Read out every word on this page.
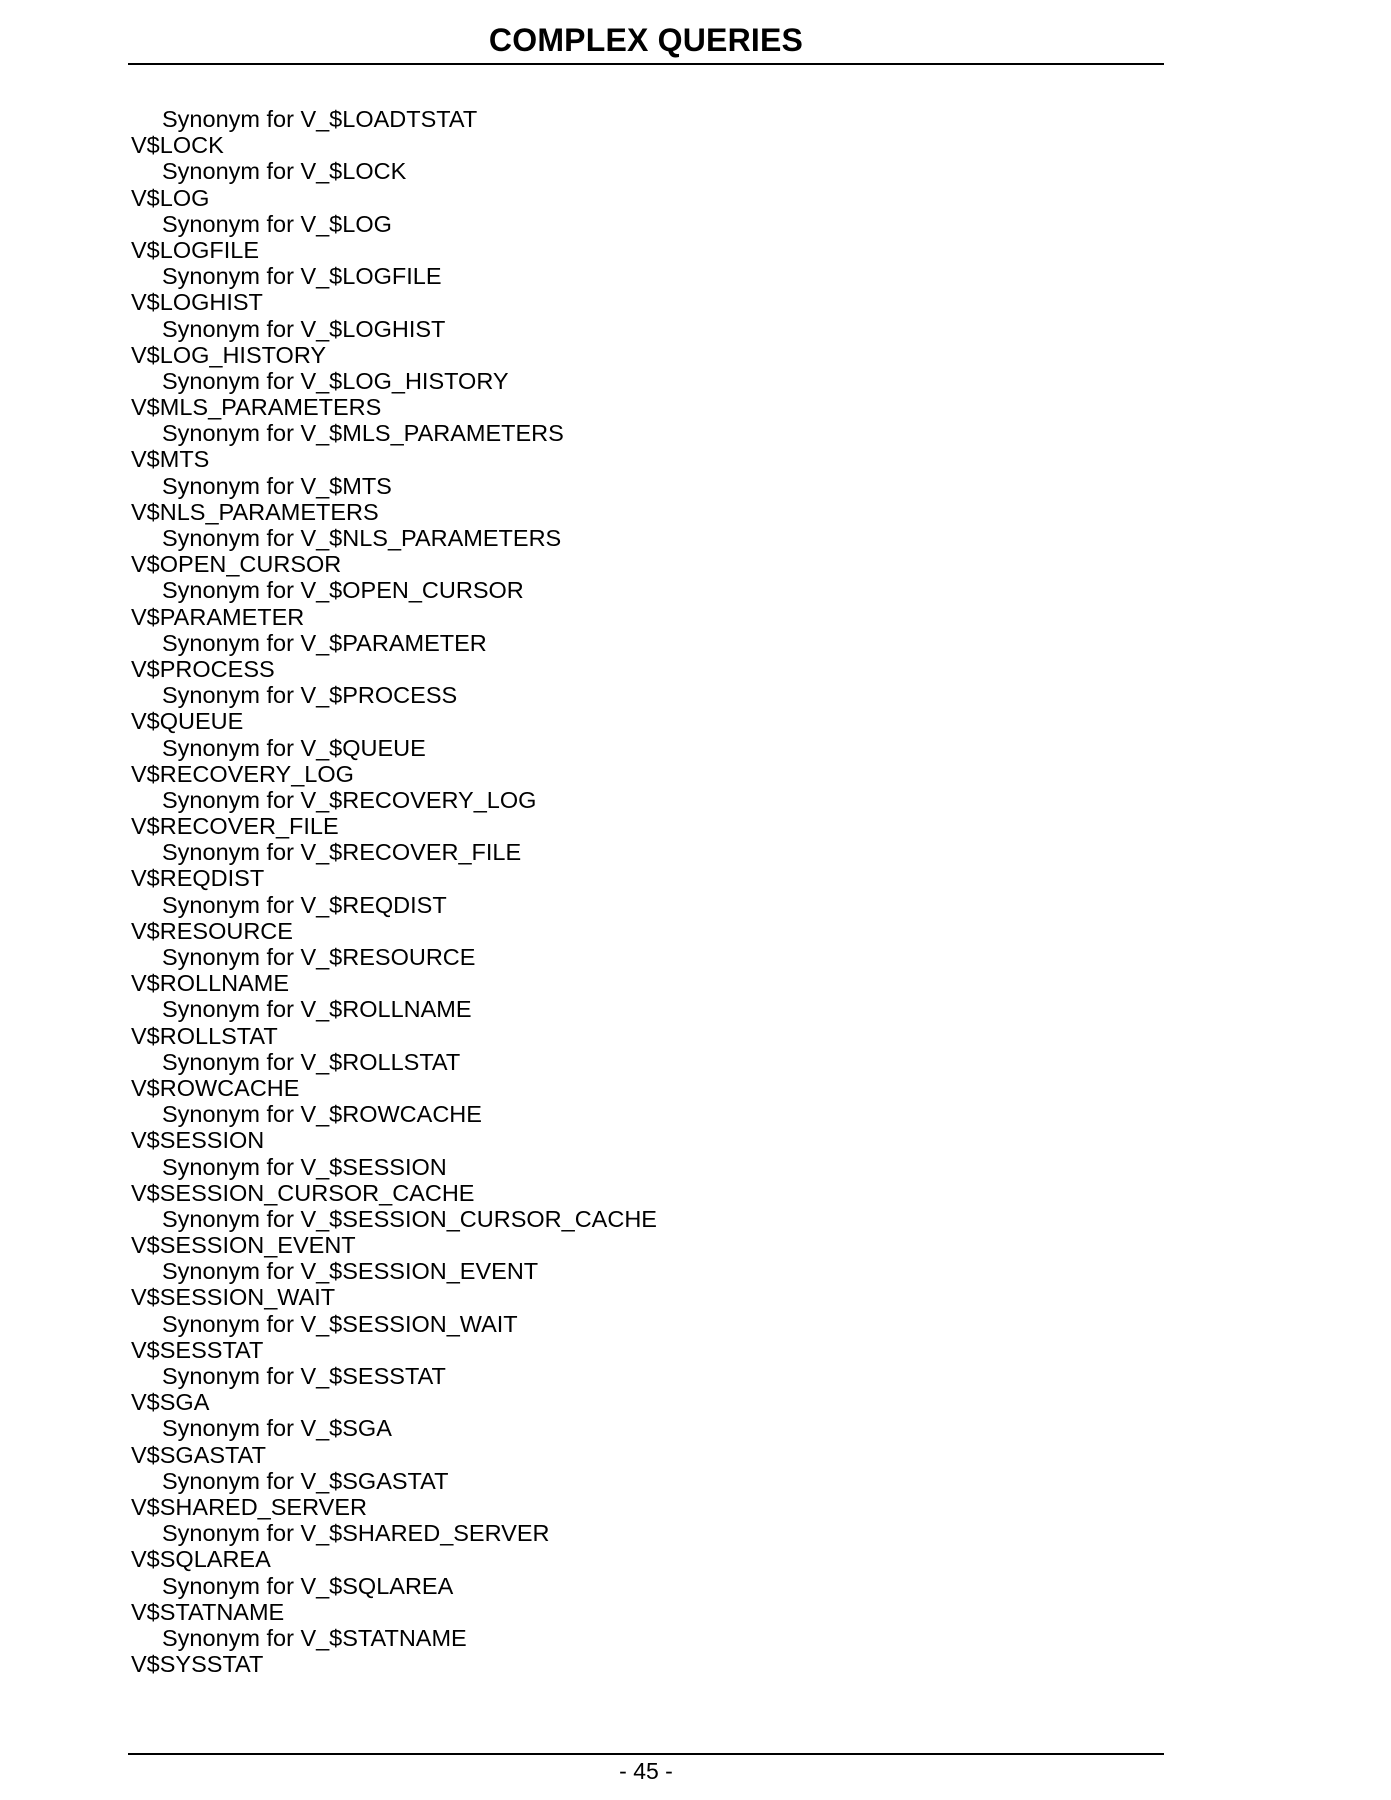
COMPLEX QUERIES
Synonym for V_$LOADTSTAT
V$LOCK
Synonym for V_$LOCK
V$LOG
Synonym for V_$LOG
V$LOGFILE
Synonym for V_$LOGFILE
V$LOGHIST
Synonym for V_$LOGHIST
V$LOG_HISTORY
Synonym for V_$LOG_HISTORY
V$MLS_PARAMETERS
Synonym for V_$MLS_PARAMETERS
V$MTS
Synonym for V_$MTS
V$NLS_PARAMETERS
Synonym for V_$NLS_PARAMETERS
V$OPEN_CURSOR
Synonym for V_$OPEN_CURSOR
V$PARAMETER
Synonym for V_$PARAMETER
V$PROCESS
Synonym for V_$PROCESS
V$QUEUE
Synonym for V_$QUEUE
V$RECOVERY_LOG
Synonym for V_$RECOVERY_LOG
V$RECOVER_FILE
Synonym for V_$RECOVER_FILE
V$REQDIST
Synonym for V_$REQDIST
V$RESOURCE
Synonym for V_$RESOURCE
V$ROLLNAME
Synonym for V_$ROLLNAME
V$ROLLSTAT
Synonym for V_$ROLLSTAT
V$ROWCACHE
Synonym for V_$ROWCACHE
V$SESSION
Synonym for V_$SESSION
V$SESSION_CURSOR_CACHE
Synonym for V_$SESSION_CURSOR_CACHE
V$SESSION_EVENT
Synonym for V_$SESSION_EVENT
V$SESSION_WAIT
Synonym for V_$SESSION_WAIT
V$SESSTAT
Synonym for V_$SESSTAT
V$SGA
Synonym for V_$SGA
V$SGASTAT
Synonym for V_$SGASTAT
V$SHARED_SERVER
Synonym for V_$SHARED_SERVER
V$SQLAREA
Synonym for V_$SQLAREA
V$STATNAME
Synonym for V_$STATNAME
V$SYSSTAT
- 45 -
